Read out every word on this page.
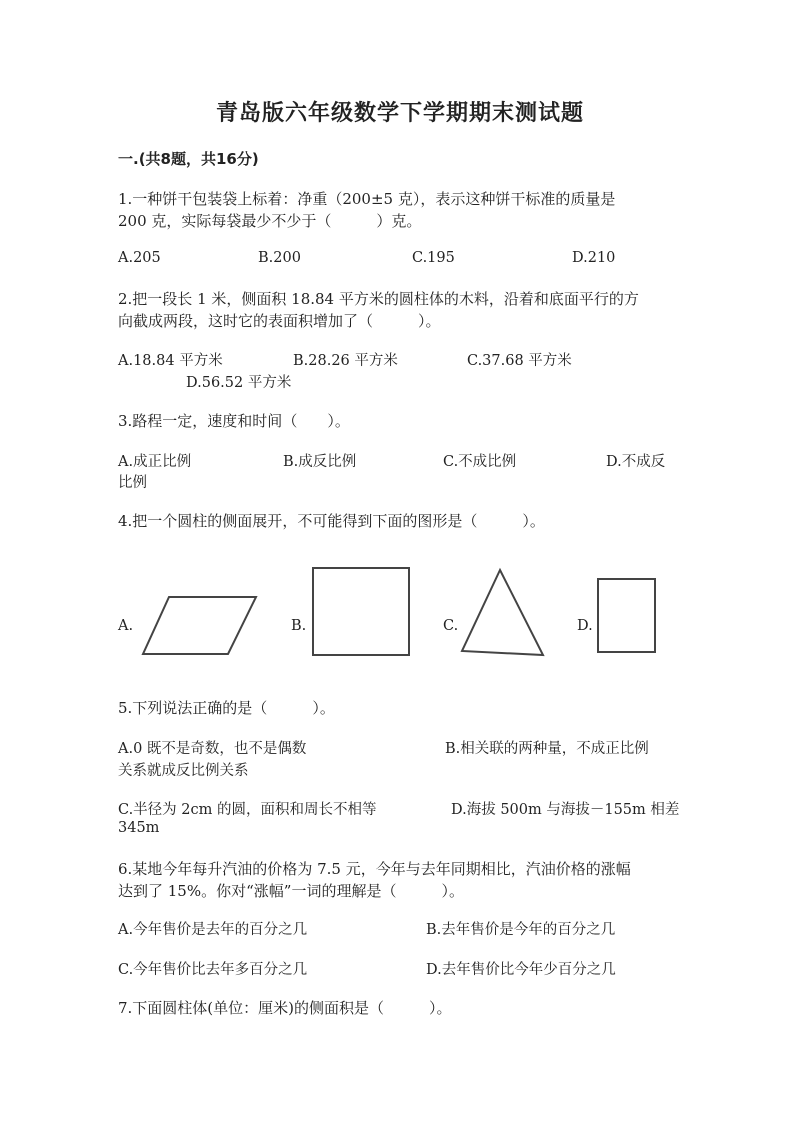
青岛版六年级数学下学期期末测试题
一.(共8题，共16分)
1.一种饼干包装袋上标着：净重（200±5 克），表示这种饼干标准的质量是
200 克，实际每袋最少不少于（　　　）克。
A.205	B.200	C.195	D.210
2.把一段长 1 米，侧面积 18.84 平方米的圆柱体的木料，沿着和底面平行的方
向截成两段，这时它的表面积增加了（　　　）。
A.18.84 平方米	B.28.26 平方米	C.37.68 平方米
D.56.52 平方米
3.路程一定，速度和时间（　　）。
A.成正比例	B.成反比例	C.不成比例	D.不成反
比例
4.把一个圆柱的侧面展开，不可能得到下面的图形是（　　　）。
A.	B.	C.	D.
5.下列说法正确的是（　　　）。
A.0 既不是奇数，也不是偶数	B.相关联的两种量，不成正比例
关系就成反比例关系
C.半径为 2cm 的圆，面积和周长不相等	D.海拔 500m 与海拔－155m 相差
345m
6.某地今年每升汽油的价格为 7.5 元，今年与去年同期相比，汽油价格的涨幅
达到了 15%。你对“涨幅”一词的理解是（　　　）。
A.今年售价是去年的百分之几	B.去年售价是今年的百分之几
C.今年售价比去年多百分之几	D.去年售价比今年少百分之几
7.下面圆柱体(单位：厘米)的侧面积是（　　　）。
